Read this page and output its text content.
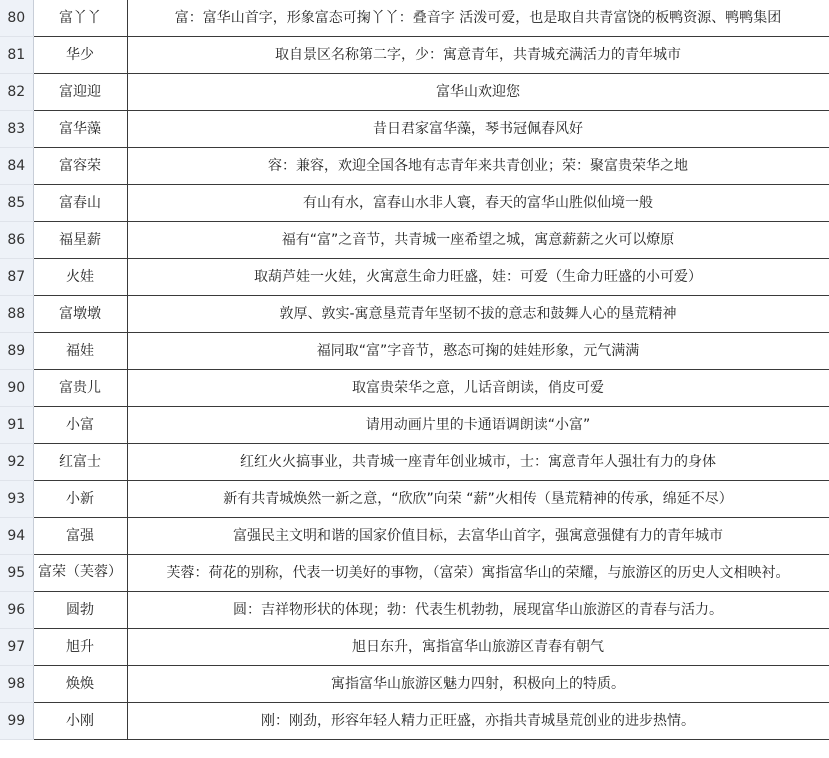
80	富丫丫	富：富华山首字，形象富态可掬丫丫：叠音字 活泼可爱，也是取自共青富饶的板鸭资源、鸭鸭集团
81	华少	取自景区名称第二字，少：寓意青年，共青城充满活力的青年城市
82	富迎迎	富华山欢迎您
83	富华藻	昔日君家富华藻，琴书冠佩春风好
84	富容荣	容：兼容，欢迎全国各地有志青年来共青创业；荣：聚富贵荣华之地
85	富春山	有山有水，富春山水非人寰，春天的富华山胜似仙境一般
86	福星薪	福有“富”之音节，共青城一座希望之城，寓意薪薪之火可以燎原
87	火娃	取葫芦娃一火娃，火寓意生命力旺盛，娃：可爱（生命力旺盛的小可爱）
88	富墩墩	敦厚、敦实-寓意垦荒青年坚韧不拔的意志和鼓舞人心的垦荒精神
89	福娃	福同取“富”字音节，憨态可掬的娃娃形象，元气满满
90	富贵儿	取富贵荣华之意，儿话音朗读，俏皮可爱
91	小富	请用动画片里的卡通语调朗读“小富”
92	红富士	红红火火搞事业，共青城一座青年创业城市，士：寓意青年人强壮有力的身体
93	小新	新有共青城焕然一新之意，“欣欣”向荣 “薪”火相传（垦荒精神的传承，绵延不尽）
94	富强	富强民主文明和谐的国家价值目标，去富华山首字，强寓意强健有力的青年城市
95	富荣（芙蓉）	芙蓉：荷花的别称，代表一切美好的事物，（富荣）寓指富华山的荣耀，与旅游区的历史人文相映衬。
96	圆勃	圆：吉祥物形状的体现；勃：代表生机勃勃，展现富华山旅游区的青春与活力。
97	旭升	旭日东升，寓指富华山旅游区青春有朝气
98	焕焕	寓指富华山旅游区魅力四射，积极向上的特质。
99	小刚	刚：刚劲，形容年轻人精力正旺盛，亦指共青城垦荒创业的进步热情。
